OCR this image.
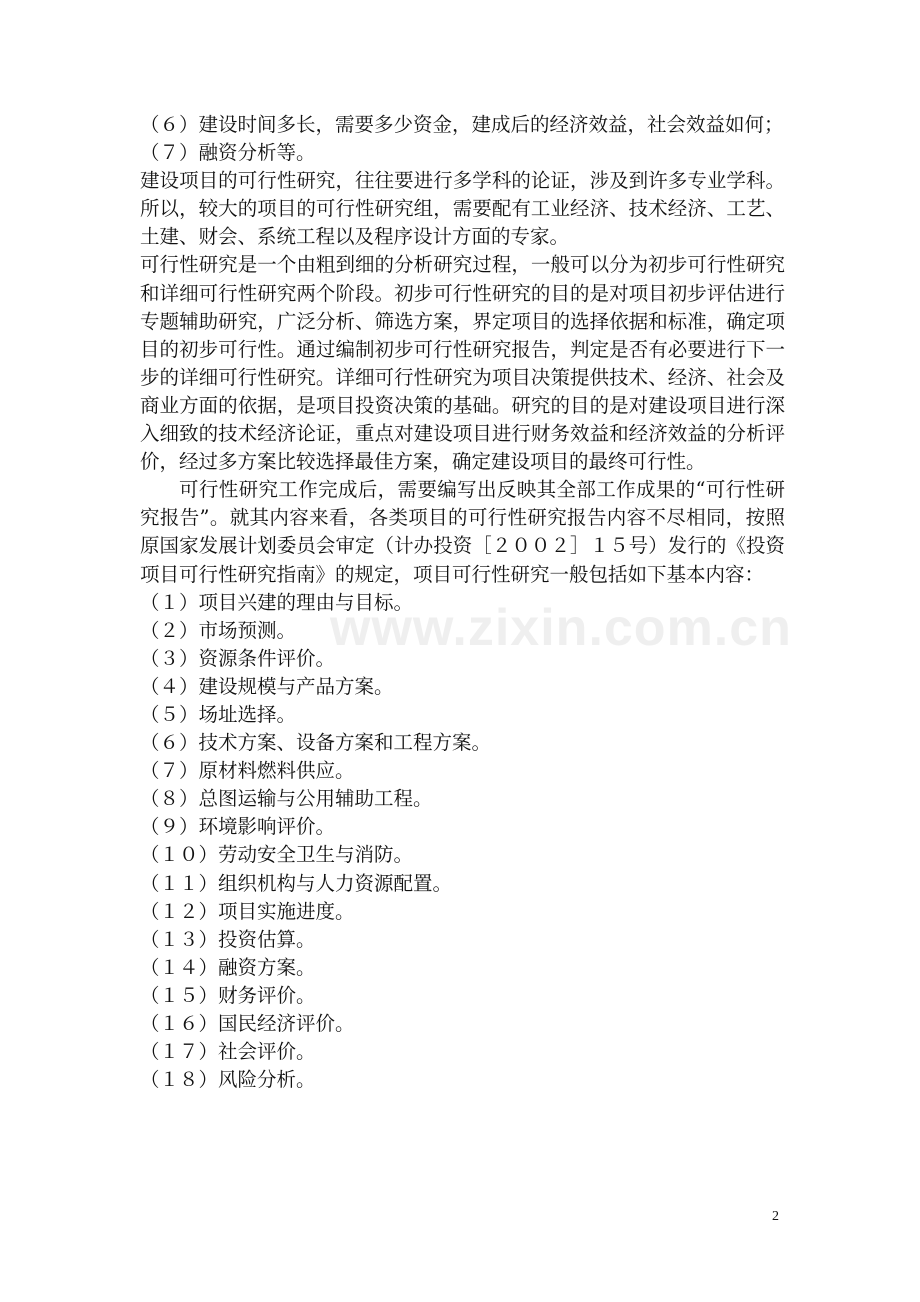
（６）建设时间多长，需要多少资金，建成后的经济效益，社会效益如何；

（７）融资分析等。

建设项目的可行性研究，往往要进行多学科的论证，涉及到许多专业学科。所以，较大的项目的可行性研究组，需要配有工业经济、技术经济、工艺、土建、财会、系统工程以及程序设计方面的专家。

可行性研究是一个由粗到细的分析研究过程，一般可以分为初步可行性研究和详细可行性研究两个阶段。初步可行性研究的目的是对项目初步评估进行专题辅助研究，广泛分析、筛选方案，界定项目的选择依据和标准，确定项目的初步可行性。通过编制初步可行性研究报告，判定是否有必要进行下一步的详细可行性研究。详细可行性研究为项目决策提供技术、经济、社会及商业方面的依据，是项目投资决策的基础。研究的目的是对建设项目进行深入细致的技术经济论证，重点对建设项目进行财务效益和经济效益的分析评价，经过多方案比较选择最佳方案，确定建设项目的最终可行性。

可行性研究工作完成后，需要编写出反映其全部工作成果的“可行性研究报告”。就其内容来看，各类项目的可行性研究报告内容不尽相同，按照原国家发展计划委员会审定（计办投资［２００２］１５号）发行的《投资项目可行性研究指南》的规定，项目可行性研究一般包括如下基本内容：

（１）项目兴建的理由与目标。

（２）市场预测。

（３）资源条件评价。

（４）建设规模与产品方案。

（５）场址选择。

（６）技术方案、设备方案和工程方案。

（７）原材料燃料供应。

（８）总图运输与公用辅助工程。

（９）环境影响评价。

（１０）劳动安全卫生与消防。

（１１）组织机构与人力资源配置。

（１２）项目实施进度。

（１３）投资估算。

（１４）融资方案。

（１５）财务评价。

（１６）国民经济评价。

（１７）社会评价。

（１８）风险分析。

www.zixin.com.cn
2
